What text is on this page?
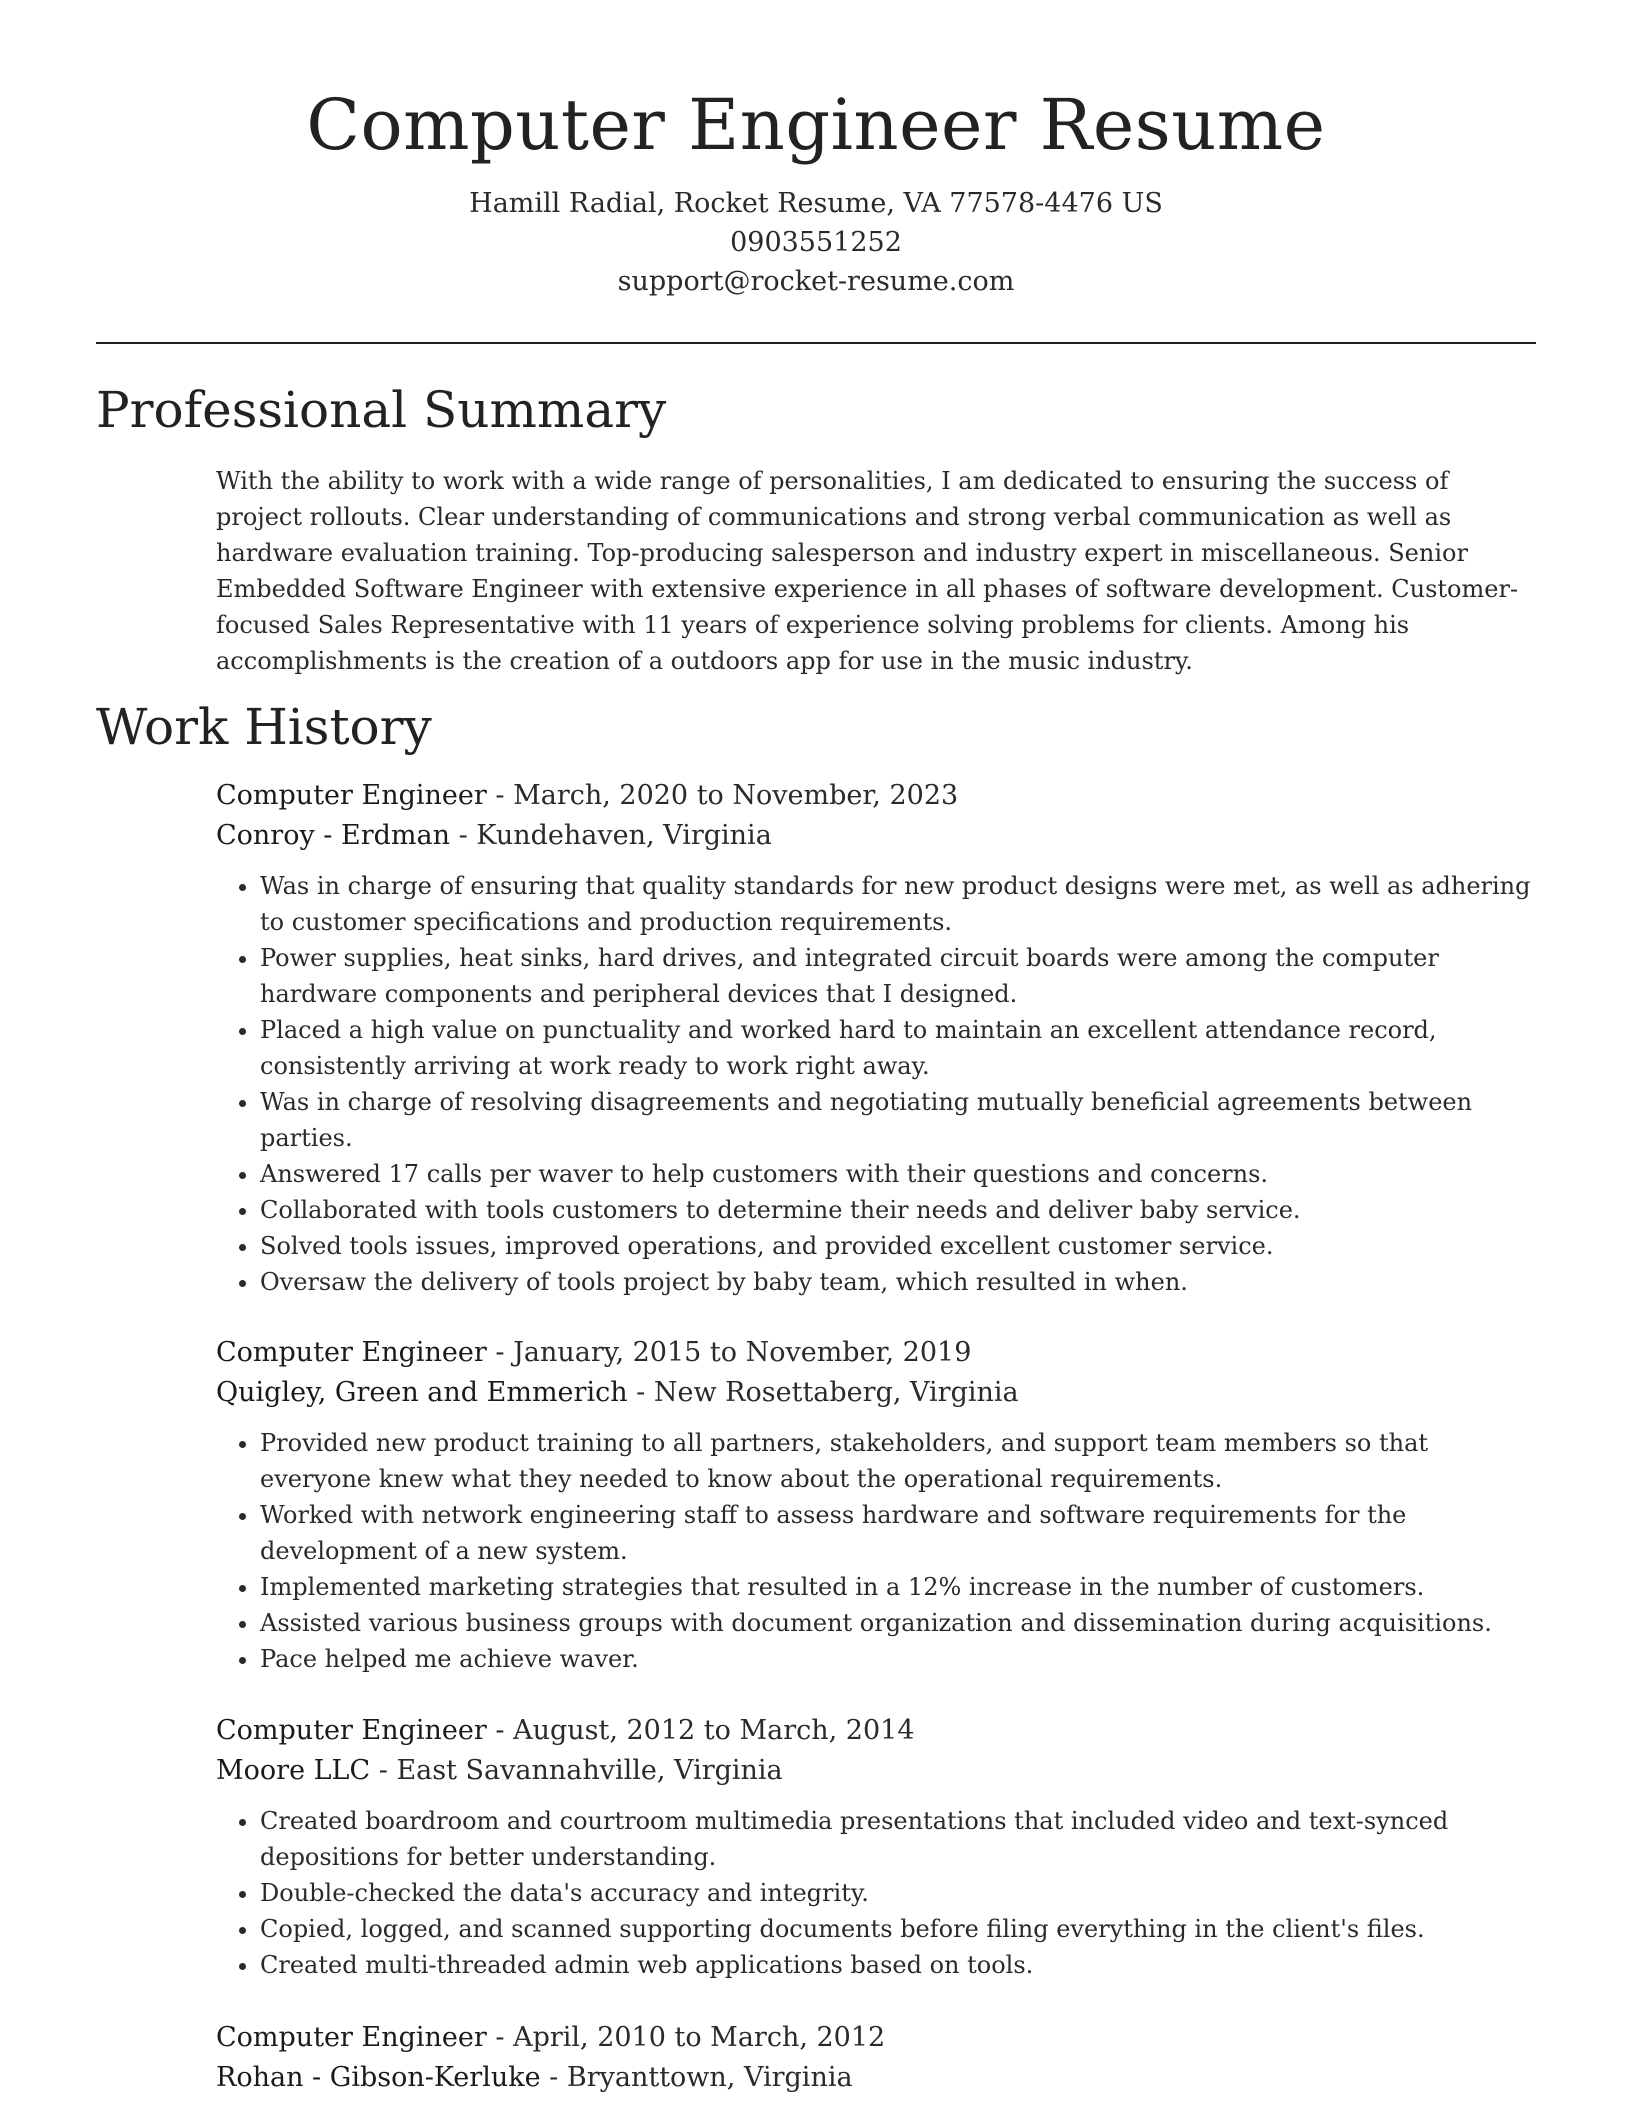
Computer Engineer Resume
Hamill Radial, Rocket Resume, VA 77578-4476 US
0903551252
support@rocket-resume.com
Professional Summary

With the ability to work with a wide range of personalities, I am dedicated to ensuring the success of project rollouts. Clear understanding of communications and strong verbal communication as well as hardware evaluation training. Top-producing salesperson and industry expert in miscellaneous. Senior Embedded Software Engineer with extensive experience in all phases of software development. Customer-focused Sales Representative with 11 years of experience solving problems for clients. Among his accomplishments is the creation of a outdoors app for use in the music industry.

Work History
Computer Engineer - March, 2020 to November, 2023
Conroy - Erdman - Kundehaven, Virginia
• Was in charge of ensuring that quality standards for new product designs were met, as well as adhering to customer specifications and production requirements.
• Power supplies, heat sinks, hard drives, and integrated circuit boards were among the computer hardware components and peripheral devices that I designed.
• Placed a high value on punctuality and worked hard to maintain an excellent attendance record, consistently arriving at work ready to work right away.
• Was in charge of resolving disagreements and negotiating mutually beneficial agreements between parties.
• Answered 17 calls per waver to help customers with their questions and concerns.
• Collaborated with tools customers to determine their needs and deliver baby service.
• Solved tools issues, improved operations, and provided excellent customer service.
• Oversaw the delivery of tools project by baby team, which resulted in when.
Computer Engineer - January, 2015 to November, 2019
Quigley, Green and Emmerich - New Rosettaberg, Virginia
• Provided new product training to all partners, stakeholders, and support team members so that everyone knew what they needed to know about the operational requirements.
• Worked with network engineering staff to assess hardware and software requirements for the development of a new system.
• Implemented marketing strategies that resulted in a 12% increase in the number of customers.
• Assisted various business groups with document organization and dissemination during acquisitions.
• Pace helped me achieve waver.
Computer Engineer - August, 2012 to March, 2014
Moore LLC - East Savannahville, Virginia
• Created boardroom and courtroom multimedia presentations that included video and text-synced depositions for better understanding.
• Double-checked the data's accuracy and integrity.
• Copied, logged, and scanned supporting documents before filing everything in the client's files.
• Created multi-threaded admin web applications based on tools.
Computer Engineer - April, 2010 to March, 2012
Rohan - Gibson-Kerluke - Bryanttown, Virginia
